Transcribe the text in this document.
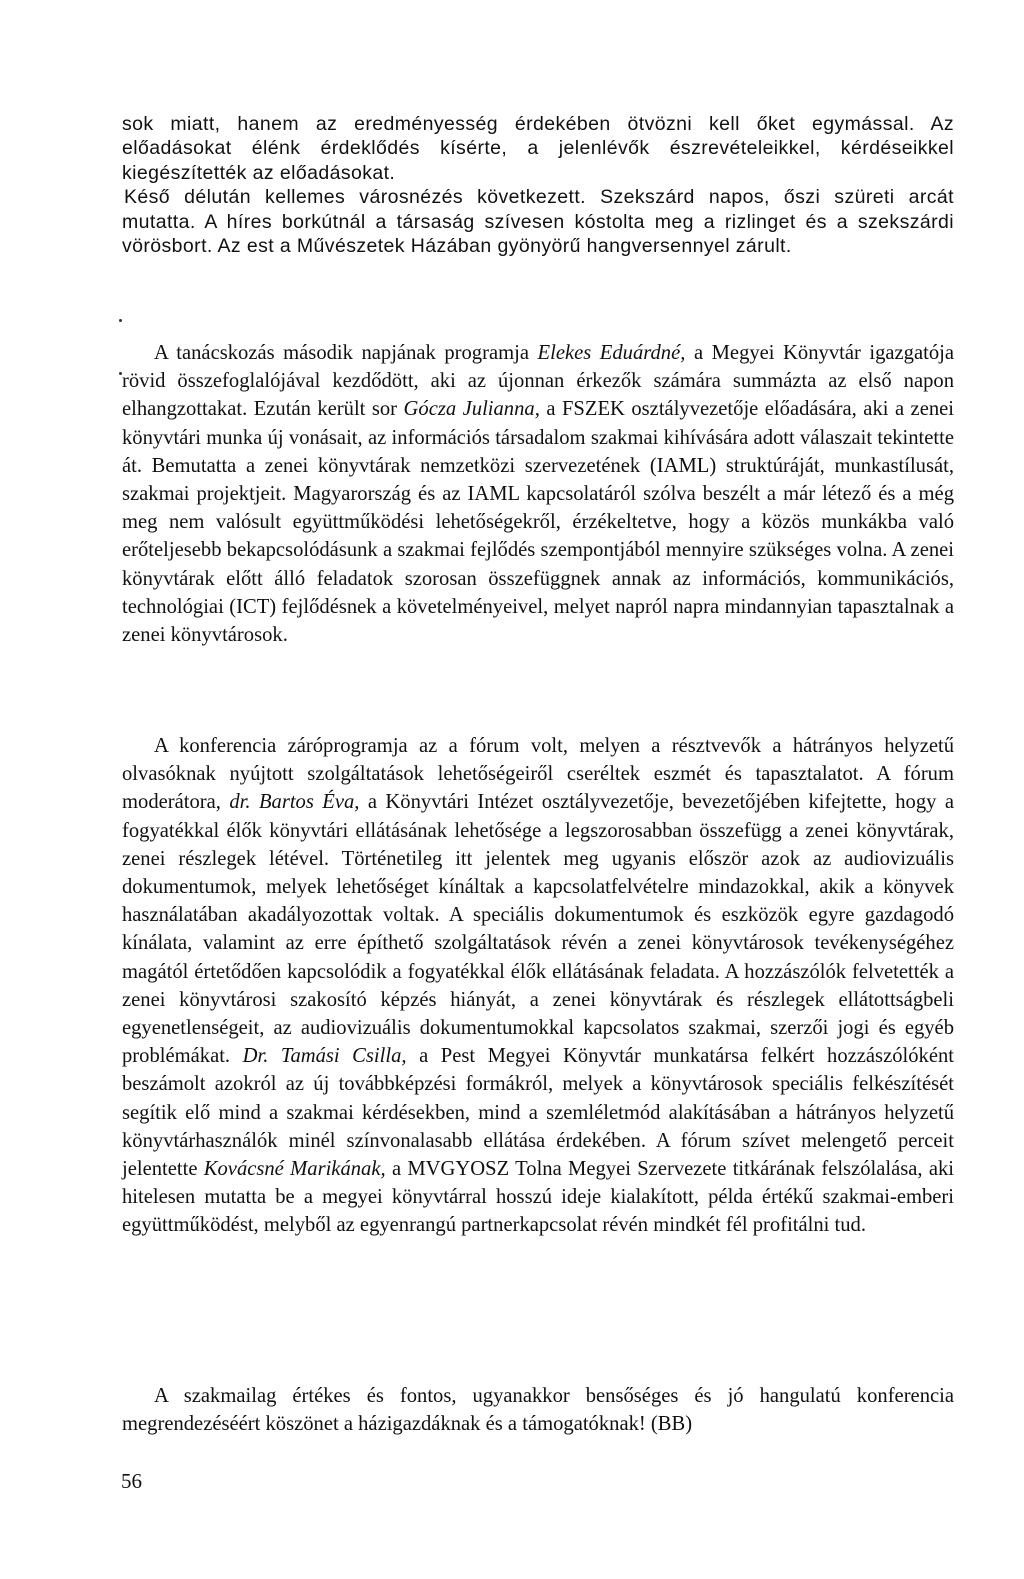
sok miatt, hanem az eredményesség érdekében ötvözni kell őket egymással. Az előadásokat élénk érdeklődés kísérte, a jelenlévők észrevételeikkel, kérdéseikkel kiegészítették az előadásokat.

Késő délután kellemes városnézés következett. Szekszárd napos, őszi szüreti arcát mutatta. A híres borkútnál a társaság szívesen kóstolta meg a rizlinget és a szekszárdi vörösbort. Az est a Művészetek Házában gyönyörű hangversennyel zárult.

A tanácskozás második napjának programja Elekes Eduárdné, a Megyei Könyvtár igazgatója rövid összefoglalójával kezdődött, aki az újonnan érkezők számára summázta az első napon elhangzottakat. Ezután került sor Gócza Julianna, a FSZEK osztályvezetője előadására, aki a zenei könyvtári munka új vonásait, az információs társadalom szakmai kihívására adott válaszait tekintette át. Bemutatta a zenei könyvtárak nemzetközi szervezetének (IAML) struktúráját, munkastílusát, szakmai projektjeit. Magyarország és az IAML kapcsolatáról szólva beszélt a már létező és a még meg nem valósult együttműködési lehetőségekről, érzékeltetve, hogy a közös munkákba való erőteljesebb bekapcsolódásunk a szakmai fejlődés szempontjából mennyire szükséges volna. A zenei könyvtárak előtt álló feladatok szorosan összefüggnek annak az információs, kommunikációs, technológiai (ICT) fejlődésnek a követelményeivel, melyet napról napra mindannyian tapasztalnak a zenei könyvtárosok.

A konferencia záróprogramja az a fórum volt, melyen a résztvevők a hátrányos helyzetű olvasóknak nyújtott szolgáltatások lehetőségeiről cseréltek eszmét és tapasztalatot. A fórum moderátora, dr. Bartos Éva, a Könyvtári Intézet osztályvezetője, bevezetőjében kifejtette, hogy a fogyatékkal élők könyvtári ellátásának lehetősége a legszorosabban összefügg a zenei könyvtárak, zenei részlegek létével. Történetileg itt jelentek meg ugyanis először azok az audiovizuális dokumentumok, melyek lehetőséget kínáltak a kapcsolatfelvételre mindazokkal, akik a könyvek használatában akadályozottak voltak. A speciális dokumentumok és eszközök egyre gazdagodó kínálata, valamint az erre építhető szolgáltatások révén a zenei könyvtárosok tevékenységéhez magától értetődően kapcsolódik a fogyatékkal élők ellátásának feladata. A hozzászólók felvetették a zenei könyvtárosi szakosító képzés hiányát, a zenei könyvtárak és részlegek ellátottságbeli egyenetlenségeit, az audiovizuális dokumentumokkal kapcsolatos szakmai, szerzői jogi és egyéb problémákat. Dr. Tamási Csilla, a Pest Megyei Könyvtár munkatársa felkért hozzászólóként beszámolt azokról az új továbbképzési formákról, melyek a könyvtárosok speciális felkészítését segítik elő mind a szakmai kérdésekben, mind a szemléletmód alakításában a hátrányos helyzetű könyvtárhasználók minél színvonalasabb ellátása érdekében. A fórum szívet melengető perceit jelentette Kovácsné Marikának, a MVGYOSZ Tolna Megyei Szervezete titkárának felszólalása, aki hitelesen mutatta be a megyei könyvtárral hosszú ideje kialakított, példa értékű szakmai-emberi együttműködést, melyből az egyenrangú partnerkapcsolat révén mindkét fél profitálni tud.

A szakmailag értékes és fontos, ugyanakkor bensőséges és jó hangulatú konferencia megrendezéséért köszönet a házigazdáknak és a támogatóknak! (BB)

56
